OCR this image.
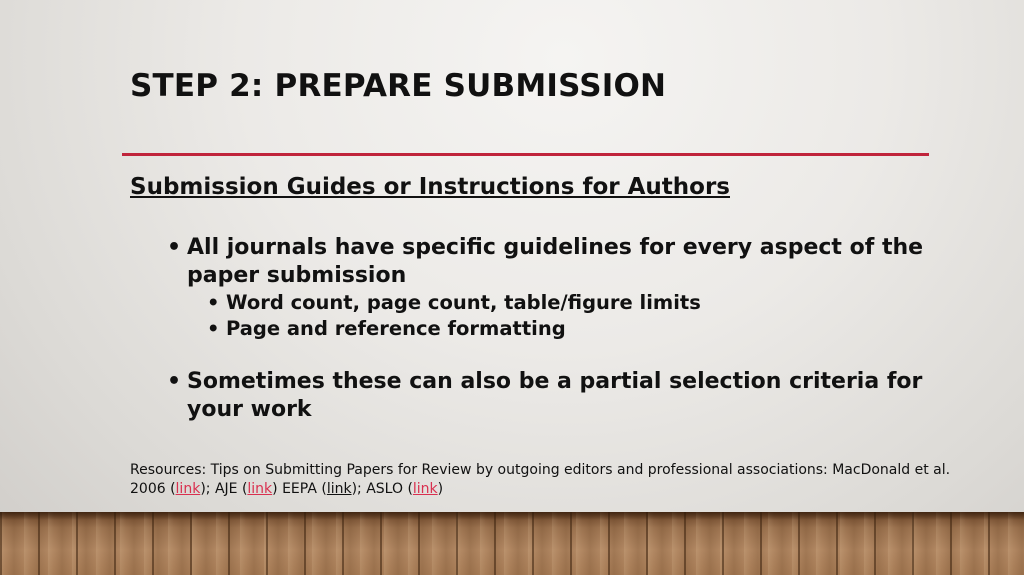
STEP 2: PREPARE SUBMISSION
Submission Guides or Instructions for Authors
• All journals have specific guidelines for every aspect of the paper submission
• Word count, page count, table/figure limits
• Page and reference formatting
• Sometimes these can also be a partial selection criteria for your work
Resources: Tips on Submitting Papers for Review by outgoing editors and professional associations: MacDonald et al. 2006 (link); AJE (link) EEPA (link); ASLO (link)
